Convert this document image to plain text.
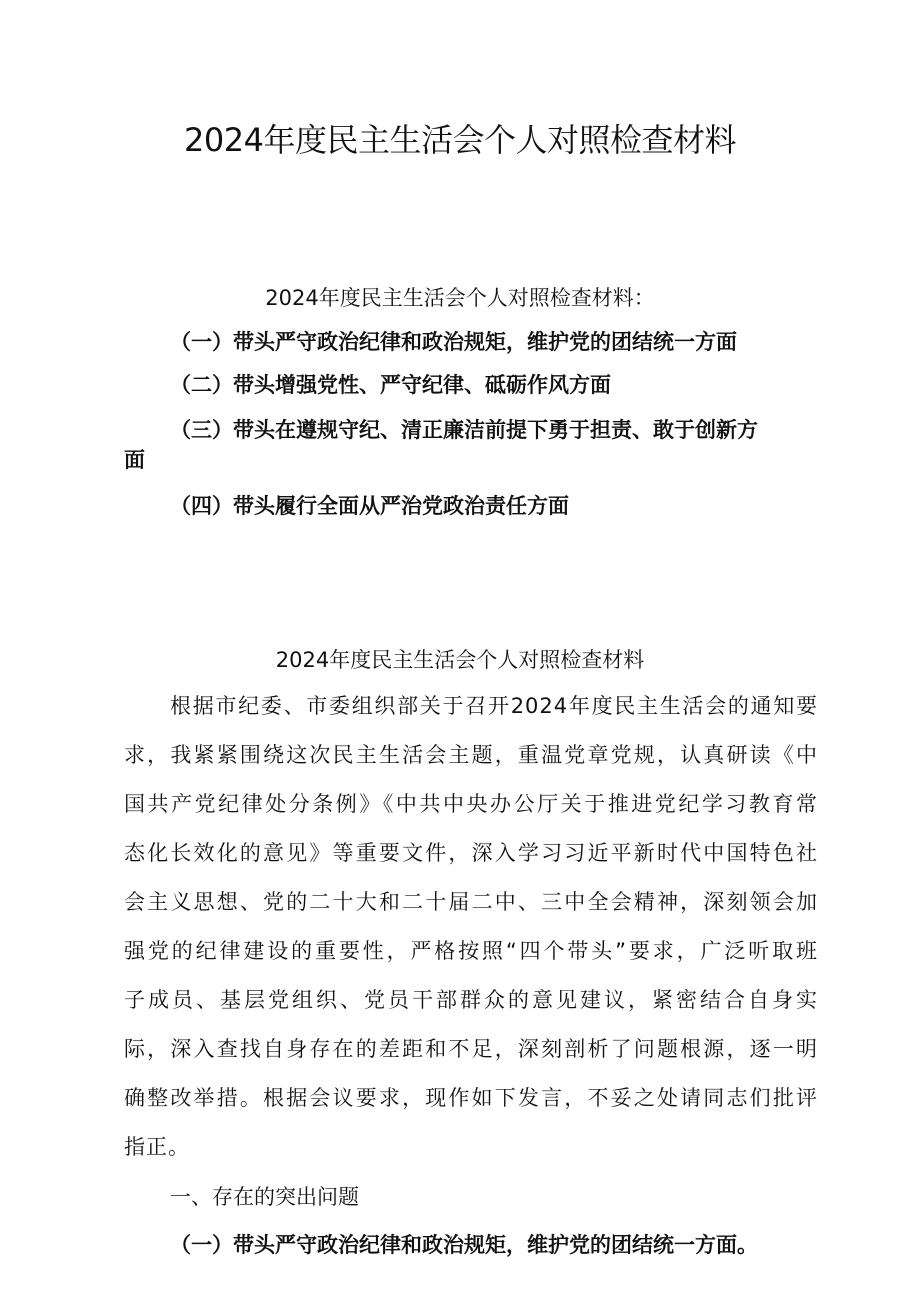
2024年度民主生活会个人对照检查材料

2024年度民主生活会个人对照检查材料：

（一）带头严守政治纪律和政治规矩，维护党的团结统一方面

（二）带头增强党性、严守纪律、砥砺作风方面

（三）带头在遵规守纪、清正廉洁前提下勇于担责、敢于创新方

面

（四）带头履行全面从严治党政治责任方面

2024年度民主生活会个人对照检查材料

根据市纪委、市委组织部关于召开2024年度民主生活会的通知要

求，我紧紧围绕这次民主生活会主题，重温党章党规，认真研读《中

国共产党纪律处分条例》《中共中央办公厅关于推进党纪学习教育常

态化长效化的意见》等重要文件，深入学习习近平新时代中国特色社

会主义思想、党的二十大和二十届二中、三中全会精神，深刻领会加

强党的纪律建设的重要性，严格按照“四个带头”要求，广泛听取班

子成员、基层党组织、党员干部群众的意见建议，紧密结合自身实

际，深入查找自身存在的差距和不足，深刻剖析了问题根源，逐一明

确整改举措。根据会议要求，现作如下发言，不妥之处请同志们批评

指正。

一、存在的突出问题

（一）带头严守政治纪律和政治规矩，维护党的团结统一方面。
